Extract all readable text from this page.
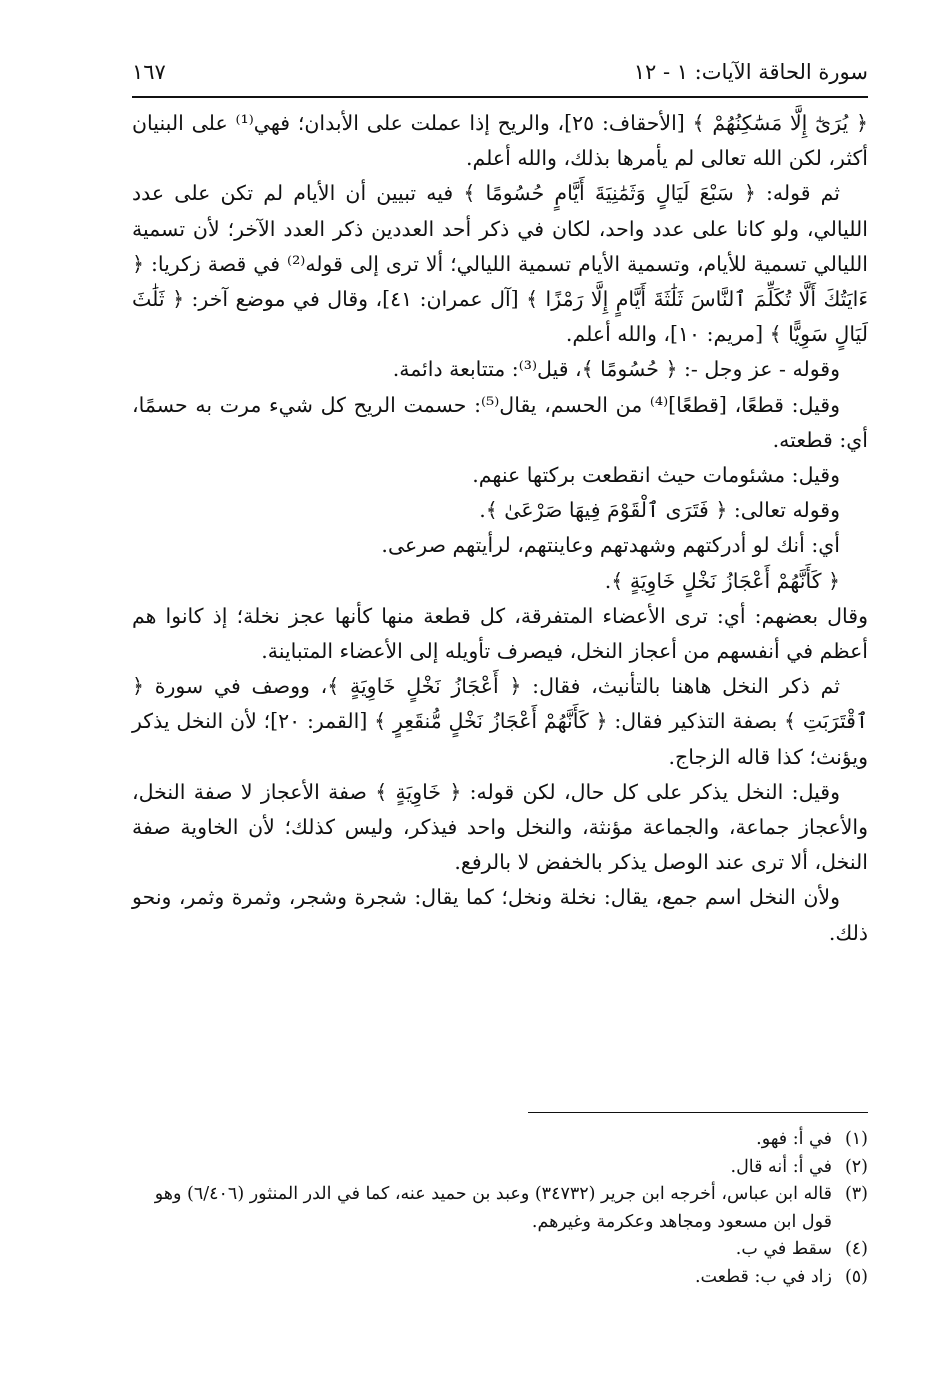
سورة الحاقة الآيات: ١ - ١٢
١٦٧

﴿ يُرَىٰٓ إِلَّا مَسَٰكِنُهُمْ ﴾ [الأحقاف: ٢٥]، والريح إذا عملت على الأبدان؛ فهي⁽¹⁾ على البنيان أكثر، لكن الله تعالى لم يأمرها بذلك، والله أعلم.

ثم قوله: ﴿ سَبْعَ لَيَالٍ وَثَمَٰنِيَةَ أَيَّامٍ حُسُومًا ﴾ فيه تبيين أن الأيام لم تكن على عدد الليالي، ولو كانا على عدد واحد، لكان في ذكر أحد العددين ذكر العدد الآخر؛ لأن تسمية الليالي تسمية للأيام، وتسمية الأيام تسمية الليالي؛ ألا ترى إلى قوله⁽²⁾ في قصة زكريا: ﴿ ءَايَتُكَ أَلَّا تُكَلِّمَ ٱلنَّاسَ ثَلَٰثَةَ أَيَّامٍ إِلَّا رَمْزًا ﴾ [آل عمران: ٤١]، وقال في موضع آخر: ﴿ ثَلَٰثَ لَيَالٍ سَوِيًّا ﴾ [مريم: ١٠]، والله أعلم.

وقوله - عز وجل -: ﴿ حُسُومًا ﴾، قيل⁽³⁾: متتابعة دائمة.

وقيل: قطعًا، [قطعًا]⁽⁴⁾ من الحسم، يقال⁽⁵⁾: حسمت الريح كل شيء مرت به حسمًا، أي: قطعته.

وقيل: مشئومات حيث انقطعت بركتها عنهم.

وقوله تعالى: ﴿ فَتَرَى ٱلْقَوْمَ فِيهَا صَرْعَىٰ ﴾.

أي: أنك لو أدركتهم وشهدتهم وعاينتهم، لرأيتهم صرعى.

﴿ كَأَنَّهُمْ أَعْجَازُ نَخْلٍ خَاوِيَةٍ ﴾.

وقال بعضهم: أي: ترى الأعضاء المتفرقة، كل قطعة منها كأنها عجز نخلة؛ إذ كانوا هم أعظم في أنفسهم من أعجاز النخل، فيصرف تأويله إلى الأعضاء المتباينة.

ثم ذكر النخل هاهنا بالتأنيث، فقال: ﴿ أَعْجَازُ نَخْلٍ خَاوِيَةٍ ﴾، ووصف في سورة ﴿ ٱقْتَرَبَتِ ﴾ بصفة التذكير فقال: ﴿ كَأَنَّهُمْ أَعْجَازُ نَخْلٍ مُّنقَعِرٍ ﴾ [القمر: ٢٠]؛ لأن النخل يذكر ويؤنث؛ كذا قاله الزجاج.

وقيل: النخل يذكر على كل حال، لكن قوله: ﴿ خَاوِيَةٍ ﴾ صفة الأعجاز لا صفة النخل، والأعجاز جماعة، والجماعة مؤنثة، والنخل واحد فيذكر، وليس كذلك؛ لأن الخاوية صفة النخل، ألا ترى عند الوصل يذكر بالخفض لا بالرفع.

ولأن النخل اسم جمع، يقال: نخلة ونخل؛ كما يقال: شجرة وشجر، وثمرة وثمر، ونحو ذلك.

(١)
في أ: فهو.
(٢)
في أ: أنه قال.
(٣)
قاله ابن عباس، أخرجه ابن جرير (٣٤٧٣٢) وعبد بن حميد عنه، كما في الدر المنثور (٦/٤٠٦) وهو قول ابن مسعود ومجاهد وعكرمة وغيرهم.
(٤)
سقط في ب.
(٥)
زاد في ب: قطعت.
